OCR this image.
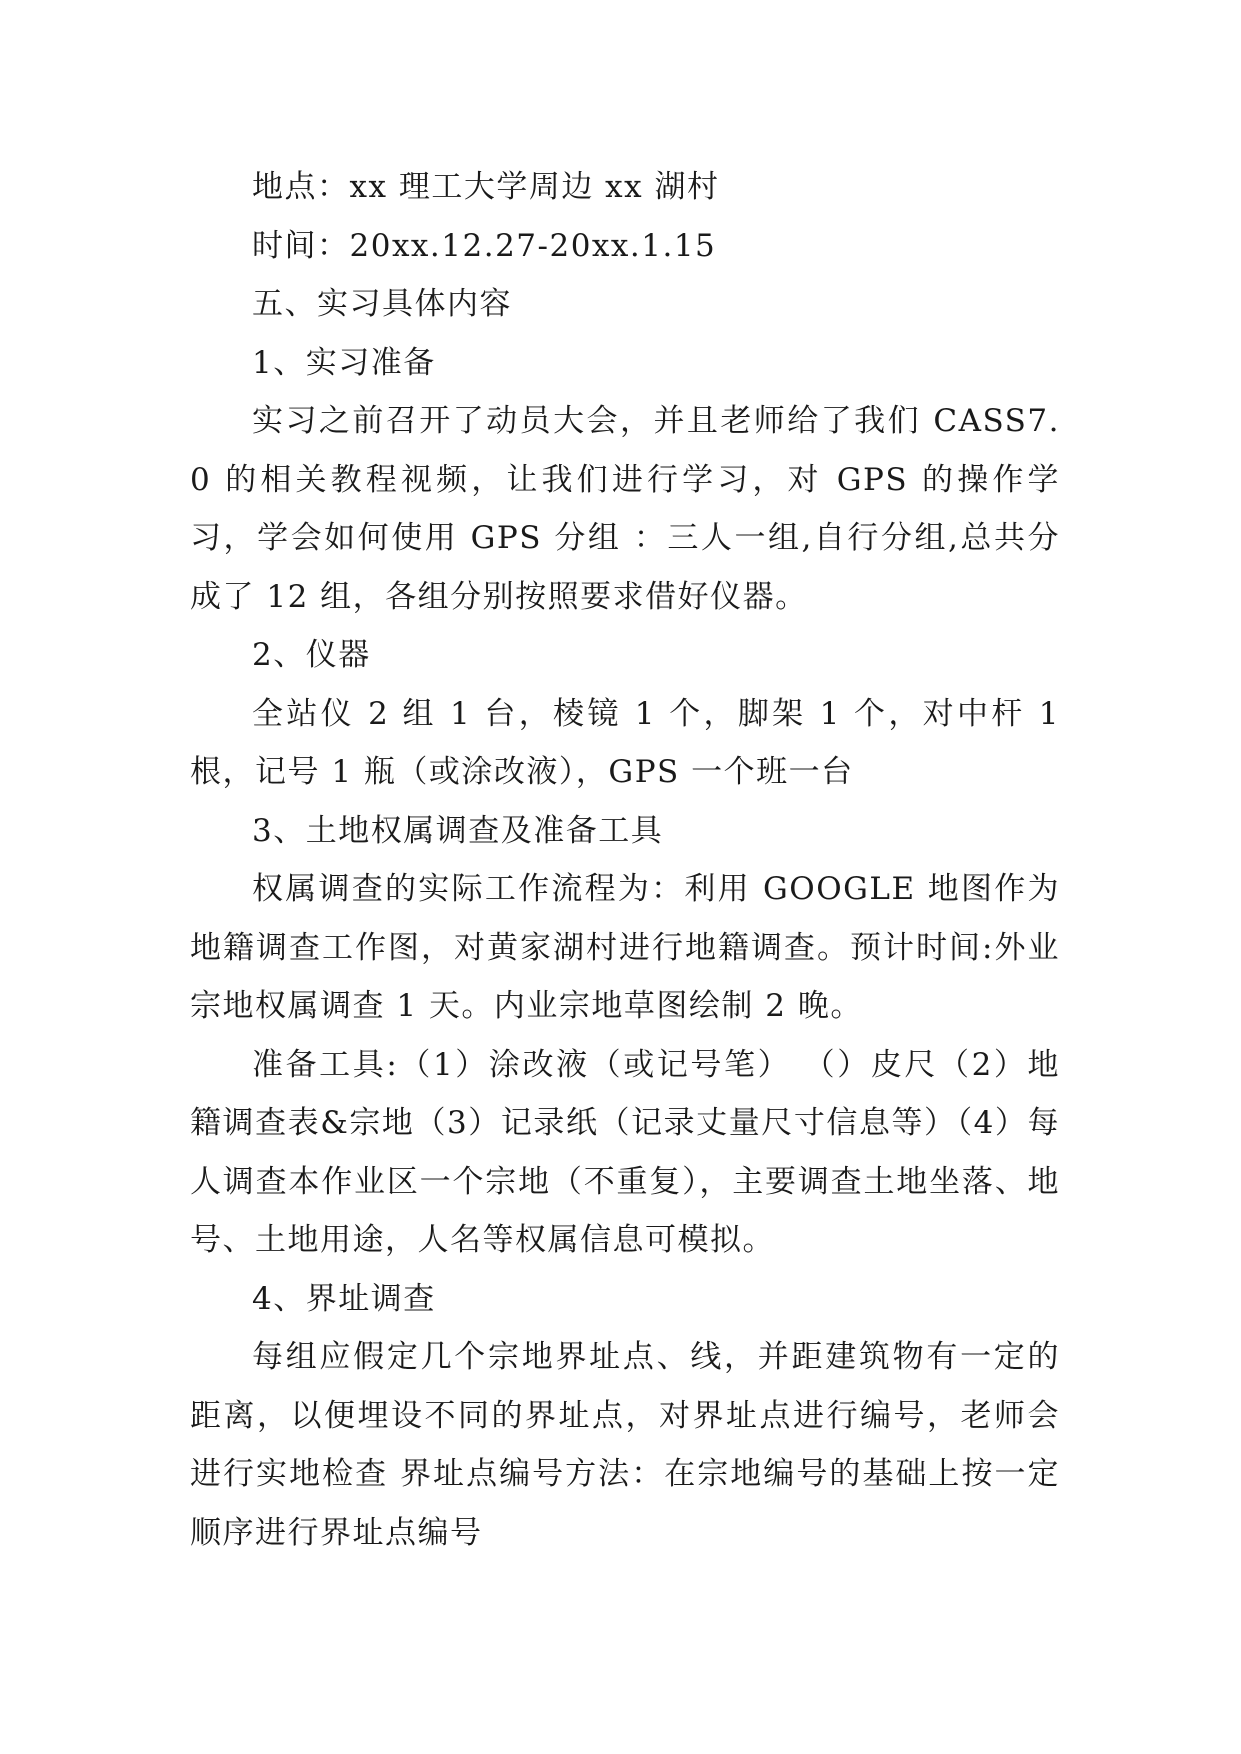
地点：xx 理工大学周边 xx 湖村

时间：20xx.12.27-20xx.1.15

五、实习具体内容

1、实习准备

实习之前召开了动员大会，并且老师给了我们 CASS7.0 的相关教程视频，让我们进行学习，对 GPS 的操作学习，学会如何使用 GPS 分组 ：三人一组,自行分组,总共分成了 12 组，各组分别按照要求借好仪器。

2、仪器

全站仪 2 组 1 台，棱镜 1 个，脚架 1 个，对中杆 1 根，记号 1 瓶（或涂改液），GPS 一个班一台

3、土地权属调查及准备工具

权属调查的实际工作流程为：利用 GOOGLE 地图作为地籍调查工作图，对黄家湖村进行地籍调查。预计时间:外业宗地权属调查 1 天。内业宗地草图绘制 2 晚。

准备工具:（1）涂改液（或记号笔） （）皮尺（2）地籍调查表&宗地（3）记录纸（记录丈量尺寸信息等）（4）每人调查本作业区一个宗地（不重复），主要调查土地坐落、地号、土地用途，人名等权属信息可模拟。

4、界址调查

每组应假定几个宗地界址点、线，并距建筑物有一定的距离，以便埋设不同的界址点，对界址点进行编号，老师会进行实地检查 界址点编号方法：在宗地编号的基础上按一定顺序进行界址点编号
